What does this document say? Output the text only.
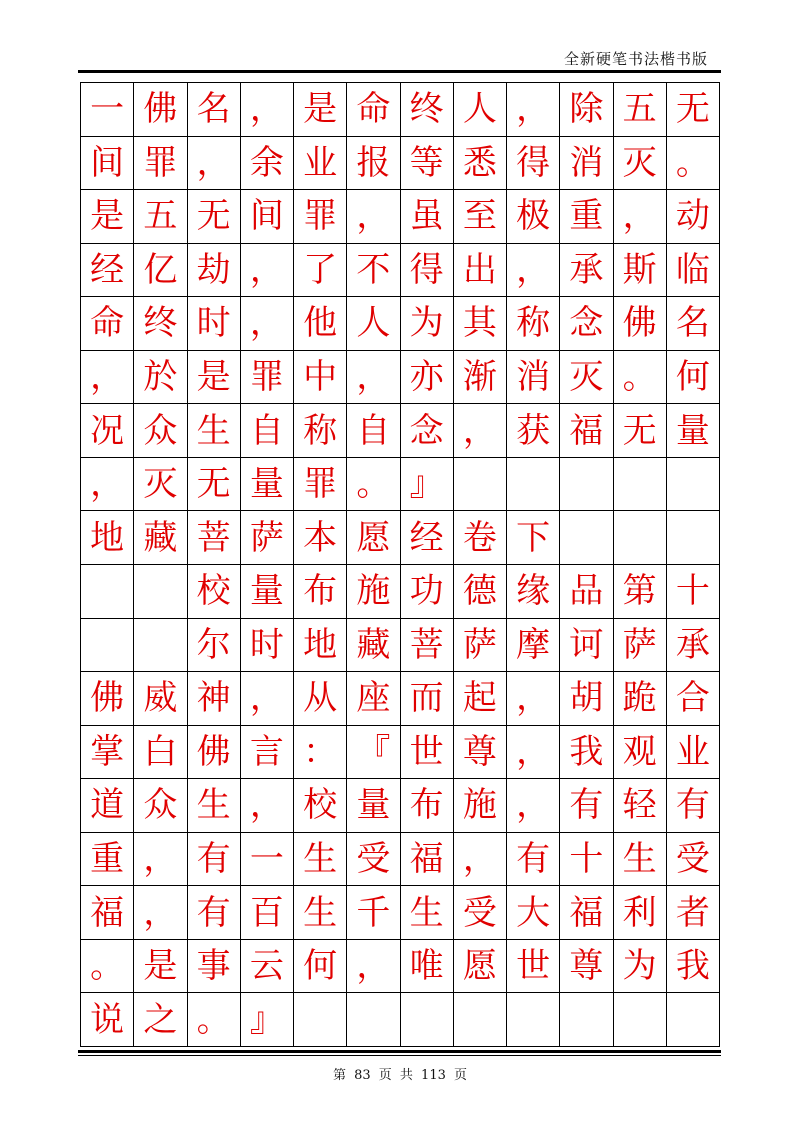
全新硬笔书法楷书版
一 佛 名 ， 是 命 终 人 ， 除 五 无
间 罪 ， 余 业 报 等 悉 得 消 灭 。
是 五 无 间 罪 ， 虽 至 极 重 ， 动
经 亿 劫 ， 了 不 得 出 ， 承 斯 临
命 终 时 ， 他 人 为 其 称 念 佛 名
， 於 是 罪 中 ， 亦 渐 消 灭 。 何
况 众 生 自 称 自 念 ， 获 福 无 量
， 灭 无 量 罪 。 』
地 藏 菩 萨 本 愿 经 卷 下
校 量 布 施 功 德 缘 品 第 十
尔 时 地 藏 菩 萨 摩 诃 萨 承
佛 威 神 ， 从 座 而 起 ， 胡 跪 合
掌 白 佛 言 ： 『 世 尊 ， 我 观 业
道 众 生 ， 校 量 布 施 ， 有 轻 有
重 ， 有 一 生 受 福 ， 有 十 生 受
福 ， 有 百 生 千 生 受 大 福 利 者
。 是 事 云 何 ， 唯 愿 世 尊 为 我
说 之 。 』
第 83 页 共 113 页
